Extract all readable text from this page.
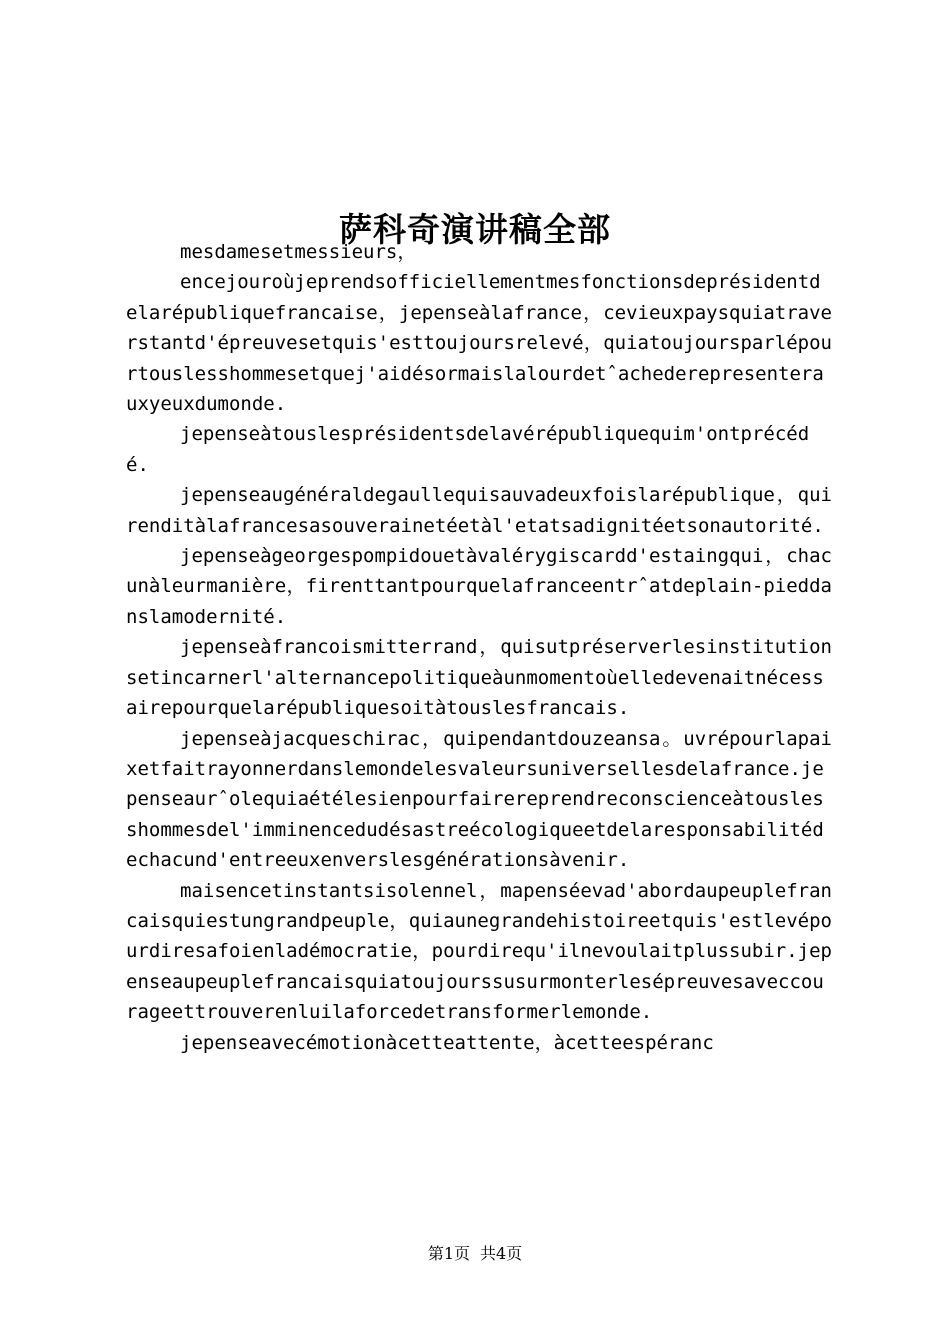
萨科奇演讲稿全部

mesdamesetmessieurs，

encejouroùjeprendsofficiellementmesfonctionsdeprésidentdelarépubliquefrancaise，jepenseàlafrance，ceviеuxpaysquiatraverstantd'épreuvesetquis'esttoujoursrelevé，quiatoujoursparlépourtouslesshommesetquej'aidésormaislalourdetˆachederepresenterauxyeuxdumonde.

jepenseàtouslesprésidentsdelavérépubliquequim'ontprécédé.

jepenseaugénéraldegaullequisauvadeuxfoislarépublique，quirenditàlafrancesasouverainetéetàl'etatsadignitéetsonautorité.

jepenseàgeorgespompidouetàvalérygiscardd'estaingqui，chacunàleurmanière，firenttantpourquelafranceentrˆatdeplain-pieddanslamodernité.

jepenseàfrancoismitterrand，quisutpréserverlesinstitutionsetincarnerl'alternancepolitiqueàunmomentoùelledevenaitnécessairepourquelarépubliquesoitàtouslesfrancais.

jepenseàjacqueschirac，quipendantdouzeansa。uvrépourlapaixetfaitrayonnerdanslemondelesvaleursuniversellesdelafrance.jepenseaurˆolequiaétélesienpourfairereprendreconscienceàtouslesshommesdel'imminencedudésastreécologiqueetdelaresponsabilitédechacund'entreeuxenverslesgénérationsàvenir.

maisencetinstantsisolennel，mapenséevad'abordaupeuplefrancaisquiestungrandpeuple，quiaunegrandehistoireetquis'estlevépourdiresafoienladémocratie，pourdirequ'ilnevoulaitplussubir.jepenseaupeuplefrancaisquiatoujourssusurmonterlesépreuvesaveccourageettrouverenluilaforcedetransformerlemonde.

jepenseavecémotionàcetteattente，àcetteespéranc

第1页 共4页
